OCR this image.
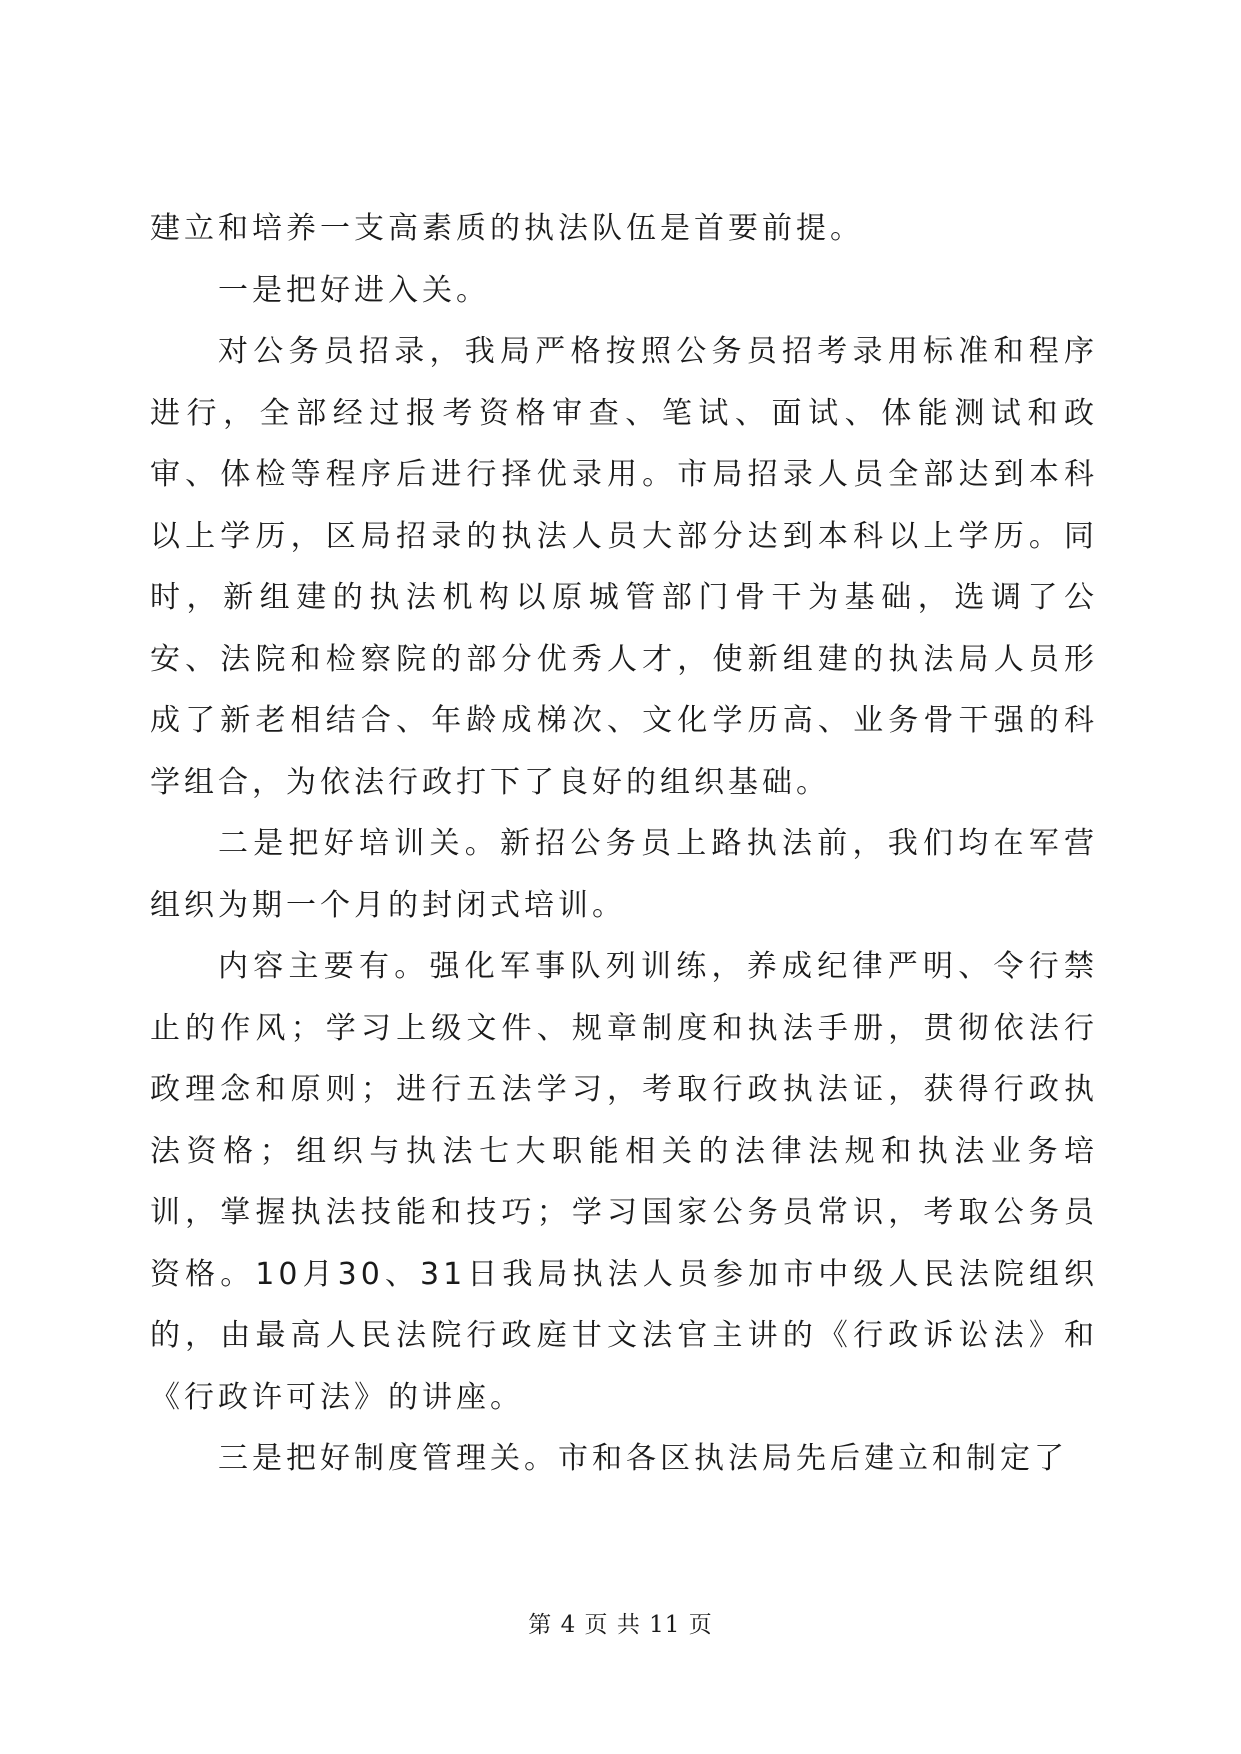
建立和培养一支高素质的执法队伍是首要前提。

一是把好进入关。

对公务员招录，我局严格按照公务员招考录用标准和程序进行，全部经过报考资格审查、笔试、面试、体能测试和政审、体检等程序后进行择优录用。市局招录人员全部达到本科以上学历，区局招录的执法人员大部分达到本科以上学历。同时，新组建的执法机构以原城管部门骨干为基础，选调了公安、法院和检察院的部分优秀人才，使新组建的执法局人员形成了新老相结合、年龄成梯次、文化学历高、业务骨干强的科学组合，为依法行政打下了良好的组织基础。

二是把好培训关。新招公务员上路执法前，我们均在军营组织为期一个月的封闭式培训。

内容主要有。强化军事队列训练，养成纪律严明、令行禁止的作风；学习上级文件、规章制度和执法手册，贯彻依法行政理念和原则；进行五法学习，考取行政执法证，获得行政执法资格；组织与执法七大职能相关的法律法规和执法业务培训，掌握执法技能和技巧；学习国家公务员常识，考取公务员资格。10月30、31日我局执法人员参加市中级人民法院组织的，由最高人民法院行政庭甘文法官主讲的《行政诉讼法》和《行政许可法》的讲座。

三是把好制度管理关。市和各区执法局先后建立和制定了

第 4 页 共 11 页
